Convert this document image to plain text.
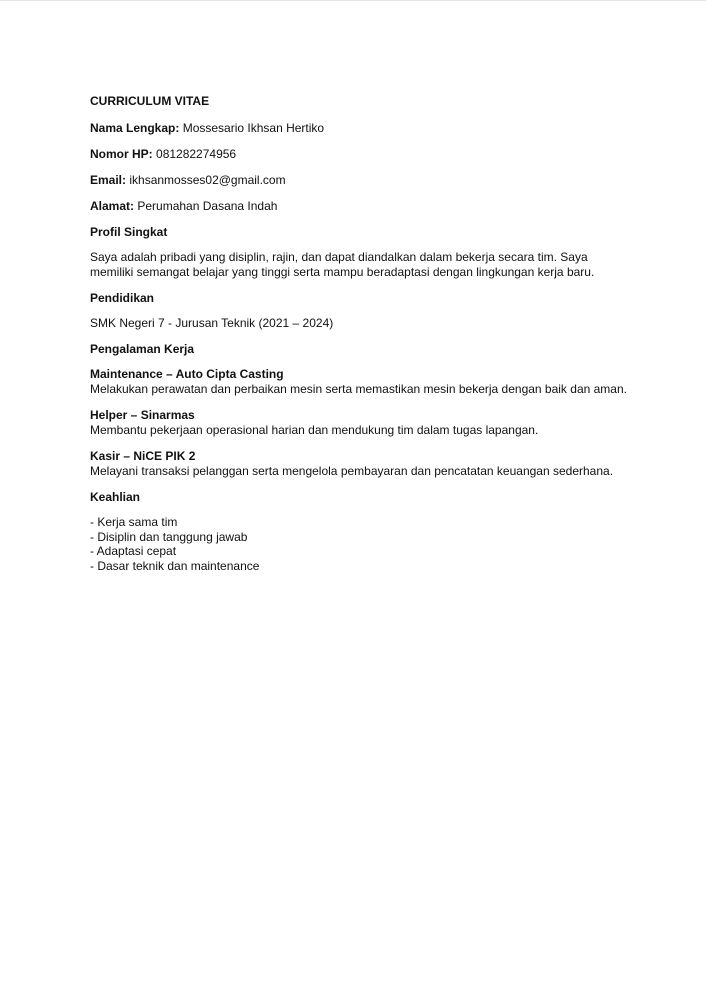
CURRICULUM VITAE
Nama Lengkap: Mossesario Ikhsan Hertiko
Nomor HP: 081282274956
Email: ikhsanmosses02@gmail.com
Alamat: Perumahan Dasana Indah
Profil Singkat
Saya adalah pribadi yang disiplin, rajin, dan dapat diandalkan dalam bekerja secara tim. Saya memiliki semangat belajar yang tinggi serta mampu beradaptasi dengan lingkungan kerja baru.
Pendidikan
SMK Negeri 7 - Jurusan Teknik (2021 – 2024)
Pengalaman Kerja
Maintenance – Auto Cipta Casting
Melakukan perawatan dan perbaikan mesin serta memastikan mesin bekerja dengan baik dan aman.
Helper – Sinarmas
Membantu pekerjaan operasional harian dan mendukung tim dalam tugas lapangan.
Kasir – NiCE PIK 2
Melayani transaksi pelanggan serta mengelola pembayaran dan pencatatan keuangan sederhana.
Keahlian
- Kerja sama tim
- Disiplin dan tanggung jawab
- Adaptasi cepat
- Dasar teknik dan maintenance
